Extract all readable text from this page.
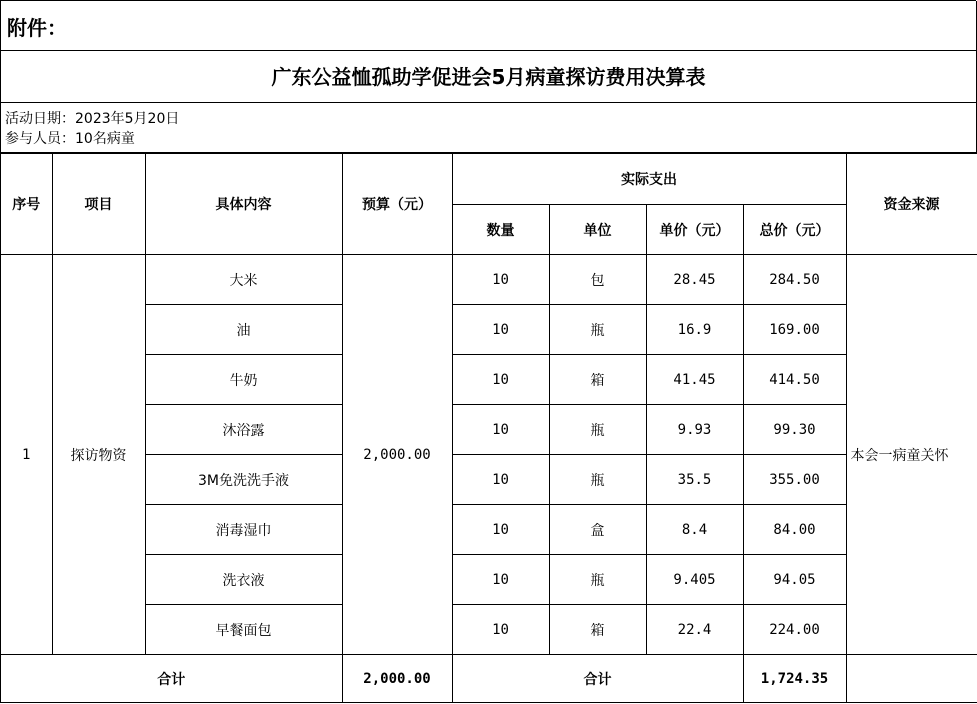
附件：
广东公益恤孤助学促进会5月病童探访费用决算表
活动日期：2023年5月20日
参与人员：10名病童
序号	项目	具体内容	预算（元）	实际支出				资金来源
				数量	单位	单价（元）	总价（元）	
1	探访物资	大米	2,000.00	10	包	28.45	284.50	本会一病童关怀
		油		10	瓶	16.9	169.00	
		牛奶		10	箱	41.45	414.50	
		沐浴露		10	瓶	9.93	99.30	
		3M免洗洗手液		10	瓶	35.5	355.00	
		消毒湿巾		10	盒	8.4	84.00	
		洗衣液		10	瓶	9.405	94.05	
		早餐面包		10	箱	22.4	224.00	
合计			2,000.00	合计			1,724.35	
